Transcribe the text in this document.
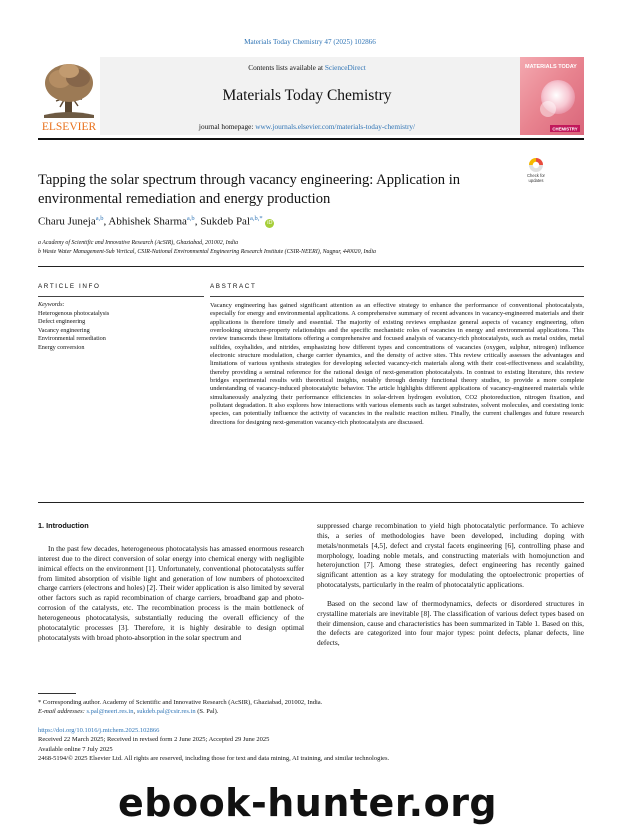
Materials Today Chemistry 47 (2025) 102866
ELSEVIER
Contents lists available at ScienceDirect
Materials Today Chemistry
journal homepage: www.journals.elsevier.com/materials-today-chemistry/
MATERIALS TODAY
CHEMISTRY
Check for
updates
Tapping the solar spectrum through vacancy engineering: Application in
environmental remediation and energy production
Charu Juneja$^{a,b}$, Abhishek Sharma$^{a,b}$, Sukdeb Pal$^{a,b,*}$ iD
a Academy of Scientific and Innovative Research (AcSIR), Ghaziabad, 201002, India
b Waste Water Management-Sub Vertical, CSIR-National Environmental Engineering Research Institute (CSIR-NEERI), Nagpur, 440020, India
ARTICLE INFO	ABSTRACT
Keywords:
Heterogenous photocatalysis
Defect engineering
Vacancy engineering
Environmental remediation
Energy conversion
Vacancy engineering has gained significant attention as an effective strategy to enhance the performance of conventional photocatalysts, especially for energy and environmental applications. A comprehensive summary of recent advances in vacancy-engineered materials and their applications is therefore timely and essential. The majority of existing reviews emphasize general aspects of vacancy engineering, often overlooking structure-property relationships and the specific mechanistic roles of vacancies in energy and environmental applications. This review transcends these limitations offering a comprehensive and focused analysis of vacancy-rich photocatalysts, such as metal oxides, metal sulfides, oxyhalides, and nitrides, emphasizing how different types and concentrations of vacancies (oxygen, sulphur, nitrogen) influence electronic structure modulation, charge carrier dynamics, and the density of active sites. This review critically assesses the advantages and limitations of various synthesis strategies for developing selected vacancy-rich materials along with their cost-effectiveness and scalability, thereby providing a seminal reference for the rational design of next-generation photocatalysts. In contrast to existing literature, this review bridges experimental results with theoretical insights, notably through density functional theory studies, to provide a more complete understanding of vacancy-induced photocatalytic behavior. The article highlights different applications of vacancy-engineered materials while simultaneously analyzing their performance efficiencies in solar-driven hydrogen evolution, CO2 photoreduction, nitrogen fixation, and pollutant degradation. It also explores how interactions with various elements such as target substrates, solvent molecules, and coexisting ionic species, can potentially influence the activity of vacancies in the realistic reaction milieu. Finally, the current challenges and future research directions for designing next-generation vacancy-rich photocatalysts are discussed.
1. Introduction

In the past few decades, heterogeneous photocatalysis has amassed enormous research interest due to the direct conversion of solar energy into chemical energy with negligible inimical effects on the environment [1]. Unfortunately, conventional photocatalysts suffer from limited absorption of visible light and generation of low numbers of photoexcited charge carriers (electrons and holes) [2]. Their wider application is also limited by several other factors such as rapid recombination of charge carriers, broadband gap and photo-corrosion of the catalysts, etc. The recombination process is the main bottleneck of heterogeneous photocatalysis, substantially reducing the overall efficiency of the photocatalytic processes [3]. Therefore, it is highly desirable to design optimal photocatalysts with broad photo-absorption in the solar spectrum and

suppressed charge recombination to yield high photocatalytic performance. To achieve this, a series of methodologies have been developed, including doping with metals/nonmetals [4,5], defect and crystal facets engineering [6], controlling phase and morphology, loading noble metals, and constructing materials with homojunction and heterojunction [7]. Among these strategies, defect engineering has recently gained significant attention as a key strategy for modulating the optoelectronic properties of photocatalysts, particularly in the realm of photocatalytic applications.

Based on the second law of thermodynamics, defects or disordered structures in crystalline materials are inevitable [8]. The classification of various defect types based on their dimension, cause and characteristics has been summarized in Table 1. Based on this, the defects are categorized into four major types: point defects, planar defects, line defects,

* Corresponding author. Academy of Scientific and Innovative Research (AcSIR), Ghaziabad, 201002, India.
E-mail addresses: s.pal@neeri.res.in, sukdeb.pal@csir.res.in (S. Pal).
https://doi.org/10.1016/j.mtchem.2025.102866
Received 22 March 2025; Received in revised form 2 June 2025; Accepted 29 June 2025
Available online 7 July 2025
2468-5194/© 2025 Elsevier Ltd. All rights are reserved, including those for text and data mining, AI training, and similar technologies.
ebook-hunter.org
